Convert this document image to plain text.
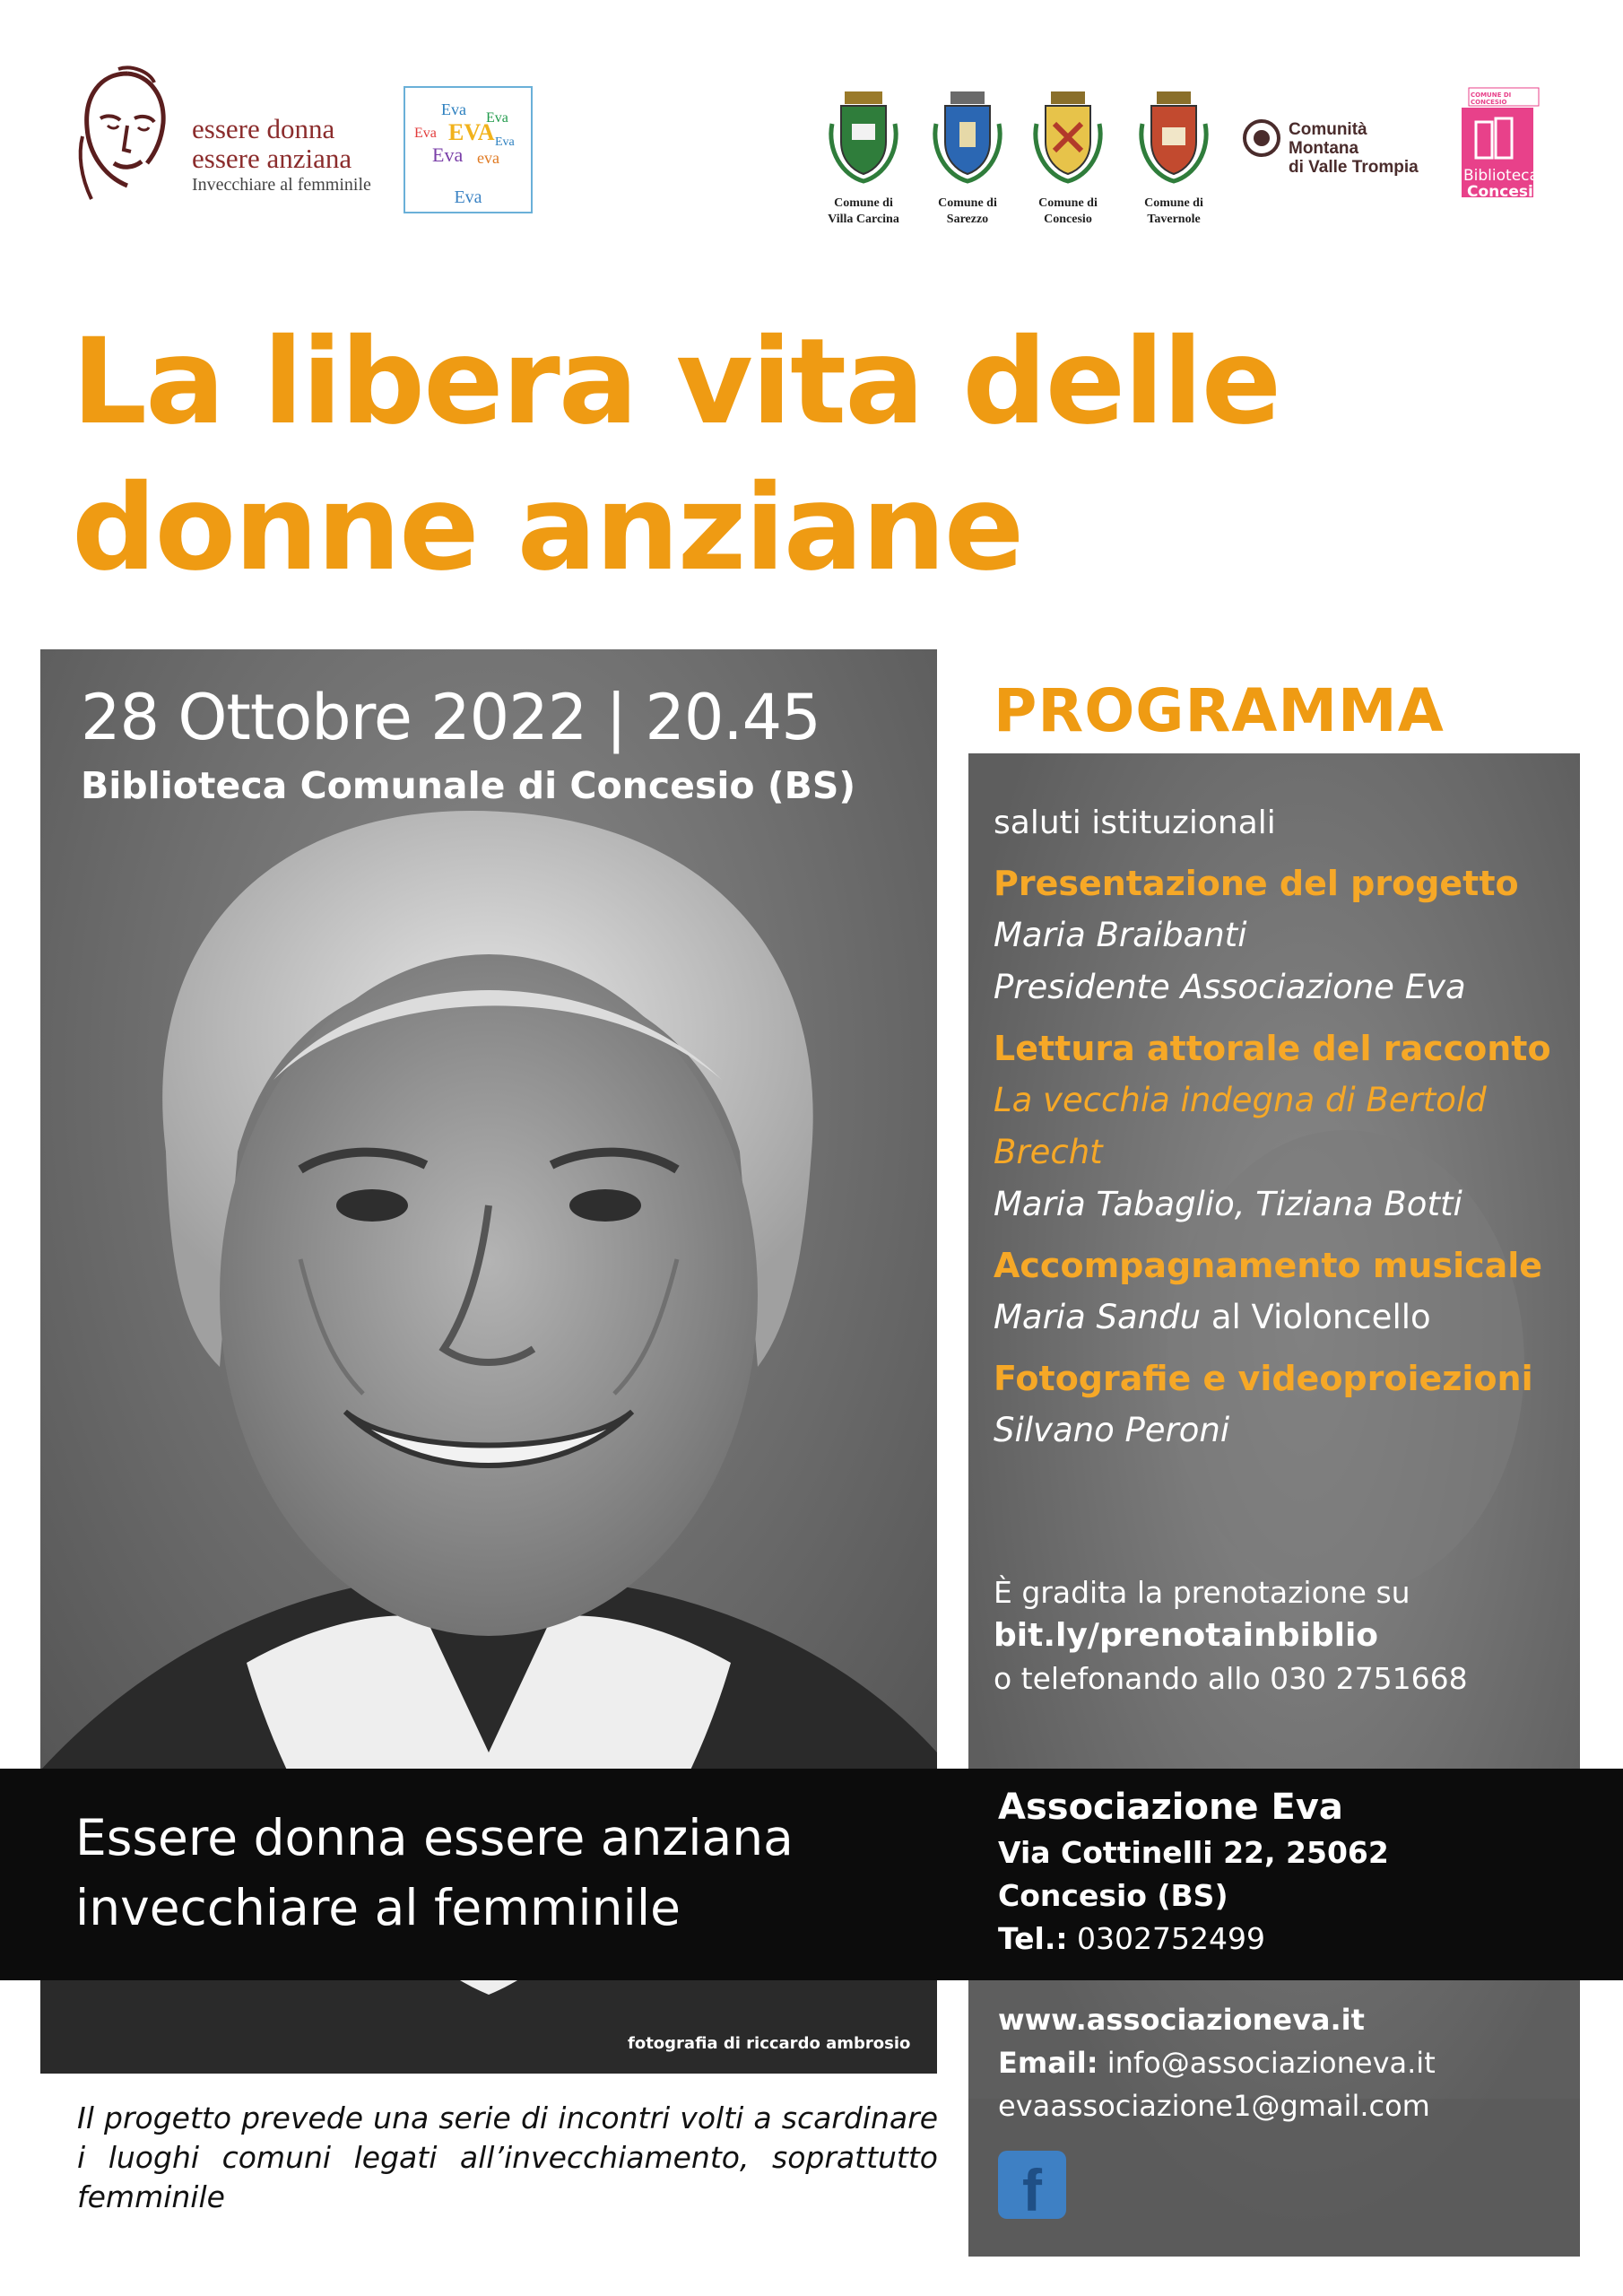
essere donna
essere anziana
Invecchiare al femminile
Eva
Eva EVA
Eva
Eva eva
Eva
Eva	Comune di
Villa Carcina
Comune di
Sarezzo
Comune di
Concesio
Comune di
Tavernole
Comunità Montana
di Valle Trompia
COMUNE DI CONCESIO
Biblioteca
Concesio
La libera vita delle
donne anziane
28 Ottobre 2022 | 20.45
Biblioteca Comunale di Concesio (BS)
PROGRAMMA
saluti istituzionali
Presentazione del progetto
Maria Braibanti
Presidente Associazione Eva
Lettura attorale del racconto
La vecchia indegna di Bertold
Brecht
Maria Tabaglio, Tiziana Botti
Accompagnamento musicale
Maria Sandu al Violoncello
Fotografie e videoproiezioni
Silvano Peroni
È gradita la prenotazione su
bit.ly/prenotainbiblio
o telefonando allo 030 2751668
Essere donna essere anziana
invecchiare al femminile
Associazione Eva
Via Cottinelli 22, 25062
Concesio (BS)
Tel.: 0302752499
fotografia di riccardo ambrosio
www.associazioneva.it
Email: info@associazioneva.it
evaassociazione1@gmail.com
f
Il progetto prevede una serie di incontri volti a scardinare i luoghi comuni legati all’invecchiamento, soprattutto femminile
